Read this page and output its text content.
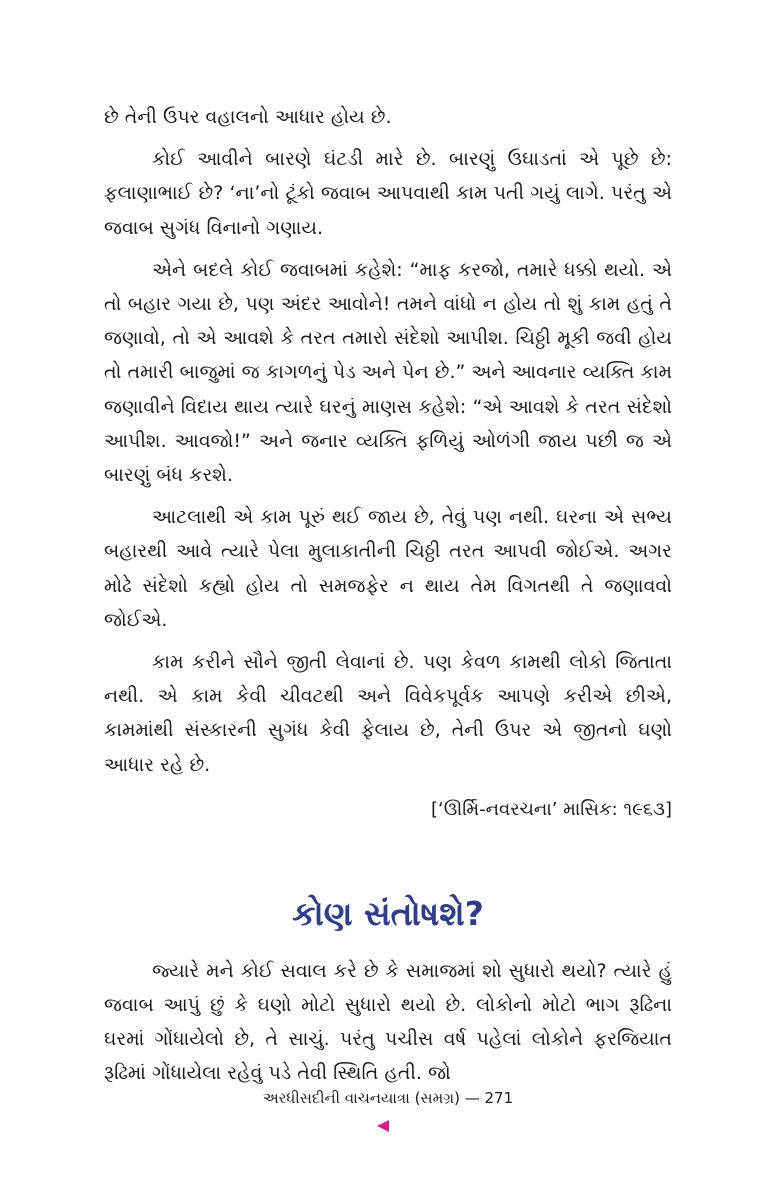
છે તેની ઉપર વહાલનો આધાર હોય છે.

કોઈ આવીને બારણે ઘંટડી મારે છે. બારણું ઉઘાડતાં એ પૂછે છે: ફલાણાભાઈ છે? ‘ના’નો ટૂંકો જવાબ આપવાથી કામ પતી ગયું લાગે. પરંતુ એ જવાબ સુગંધ વિનાનો ગણાય.

એને બદલે કોઈ જવાબમાં કહેશે: “માફ કરજો, તમારે ધક્કો થયો. એ તો બહાર ગયા છે, પણ અંદર આવોને! તમને વાંધો ન હોય તો શું કામ હતું તે જણાવો, તો એ આવશે કે તરત તમારો સંદેશો આપીશ. ચિઠ્ઠી મૂકી જવી હોય તો તમારી બાજુમાં જ કાગળનું પેડ અને પેન છે.” અને આવનાર વ્યક્તિ કામ જણાવીને વિદાય થાય ત્યારે ઘરનું માણસ કહેશે: “એ આવશે કે તરત સંદેશો આપીશ. આવજો!” અને જનાર વ્યક્તિ ફળિયું ઓળંગી જાય પછી જ એ બારણું બંધ કરશે.

આટલાથી એ કામ પૂરું થઈ જાય છે, તેવું પણ નથી. ઘરના એ સભ્ય બહારથી આવે ત્યારે પેલા મુલાકાતીની ચિઠ્ઠી તરત આપવી જોઈએ. અગર મોઢે સંદેશો કહ્યો હોય તો સમજફેર ન થાય તેમ વિગતથી તે જણાવવો જોઈએ.

કામ કરીને સૌને જીતી લેવાનાં છે. પણ કેવળ કામથી લોકો જિતાતા નથી. એ કામ કેવી ચીવટથી અને વિવેકપૂર્વક આપણે કરીએ છીએ, કામમાંથી સંસ્કારની સુગંધ કેવી ફેલાય છે, તેની ઉપર એ જીતનો ઘણો આધાર રહે છે.

[‘ઊર્મિ-નવરચના’ માસિક: ૧૯૬૩]

કોણ સંતોષશે?

જ્યારે મને કોઈ સવાલ કરે છે કે સમાજમાં શો સુધારો થયો? ત્યારે હું જવાબ આપું છું કે ઘણો મોટો સુધારો થયો છે. લોકોનો મોટો ભાગ રૂઢિના ઘરમાં ગોંધાયેલો છે, તે સાચું. પરંતુ પચીસ વર્ષ પહેલાં લોકોને ફરજિયાત રૂઢિમાં ગોંધાયેલા રહેવું પડે તેવી સ્થિતિ હતી. જો

અરધીસદીની વાચનયાત્રા (સમગ્ર) — 271
